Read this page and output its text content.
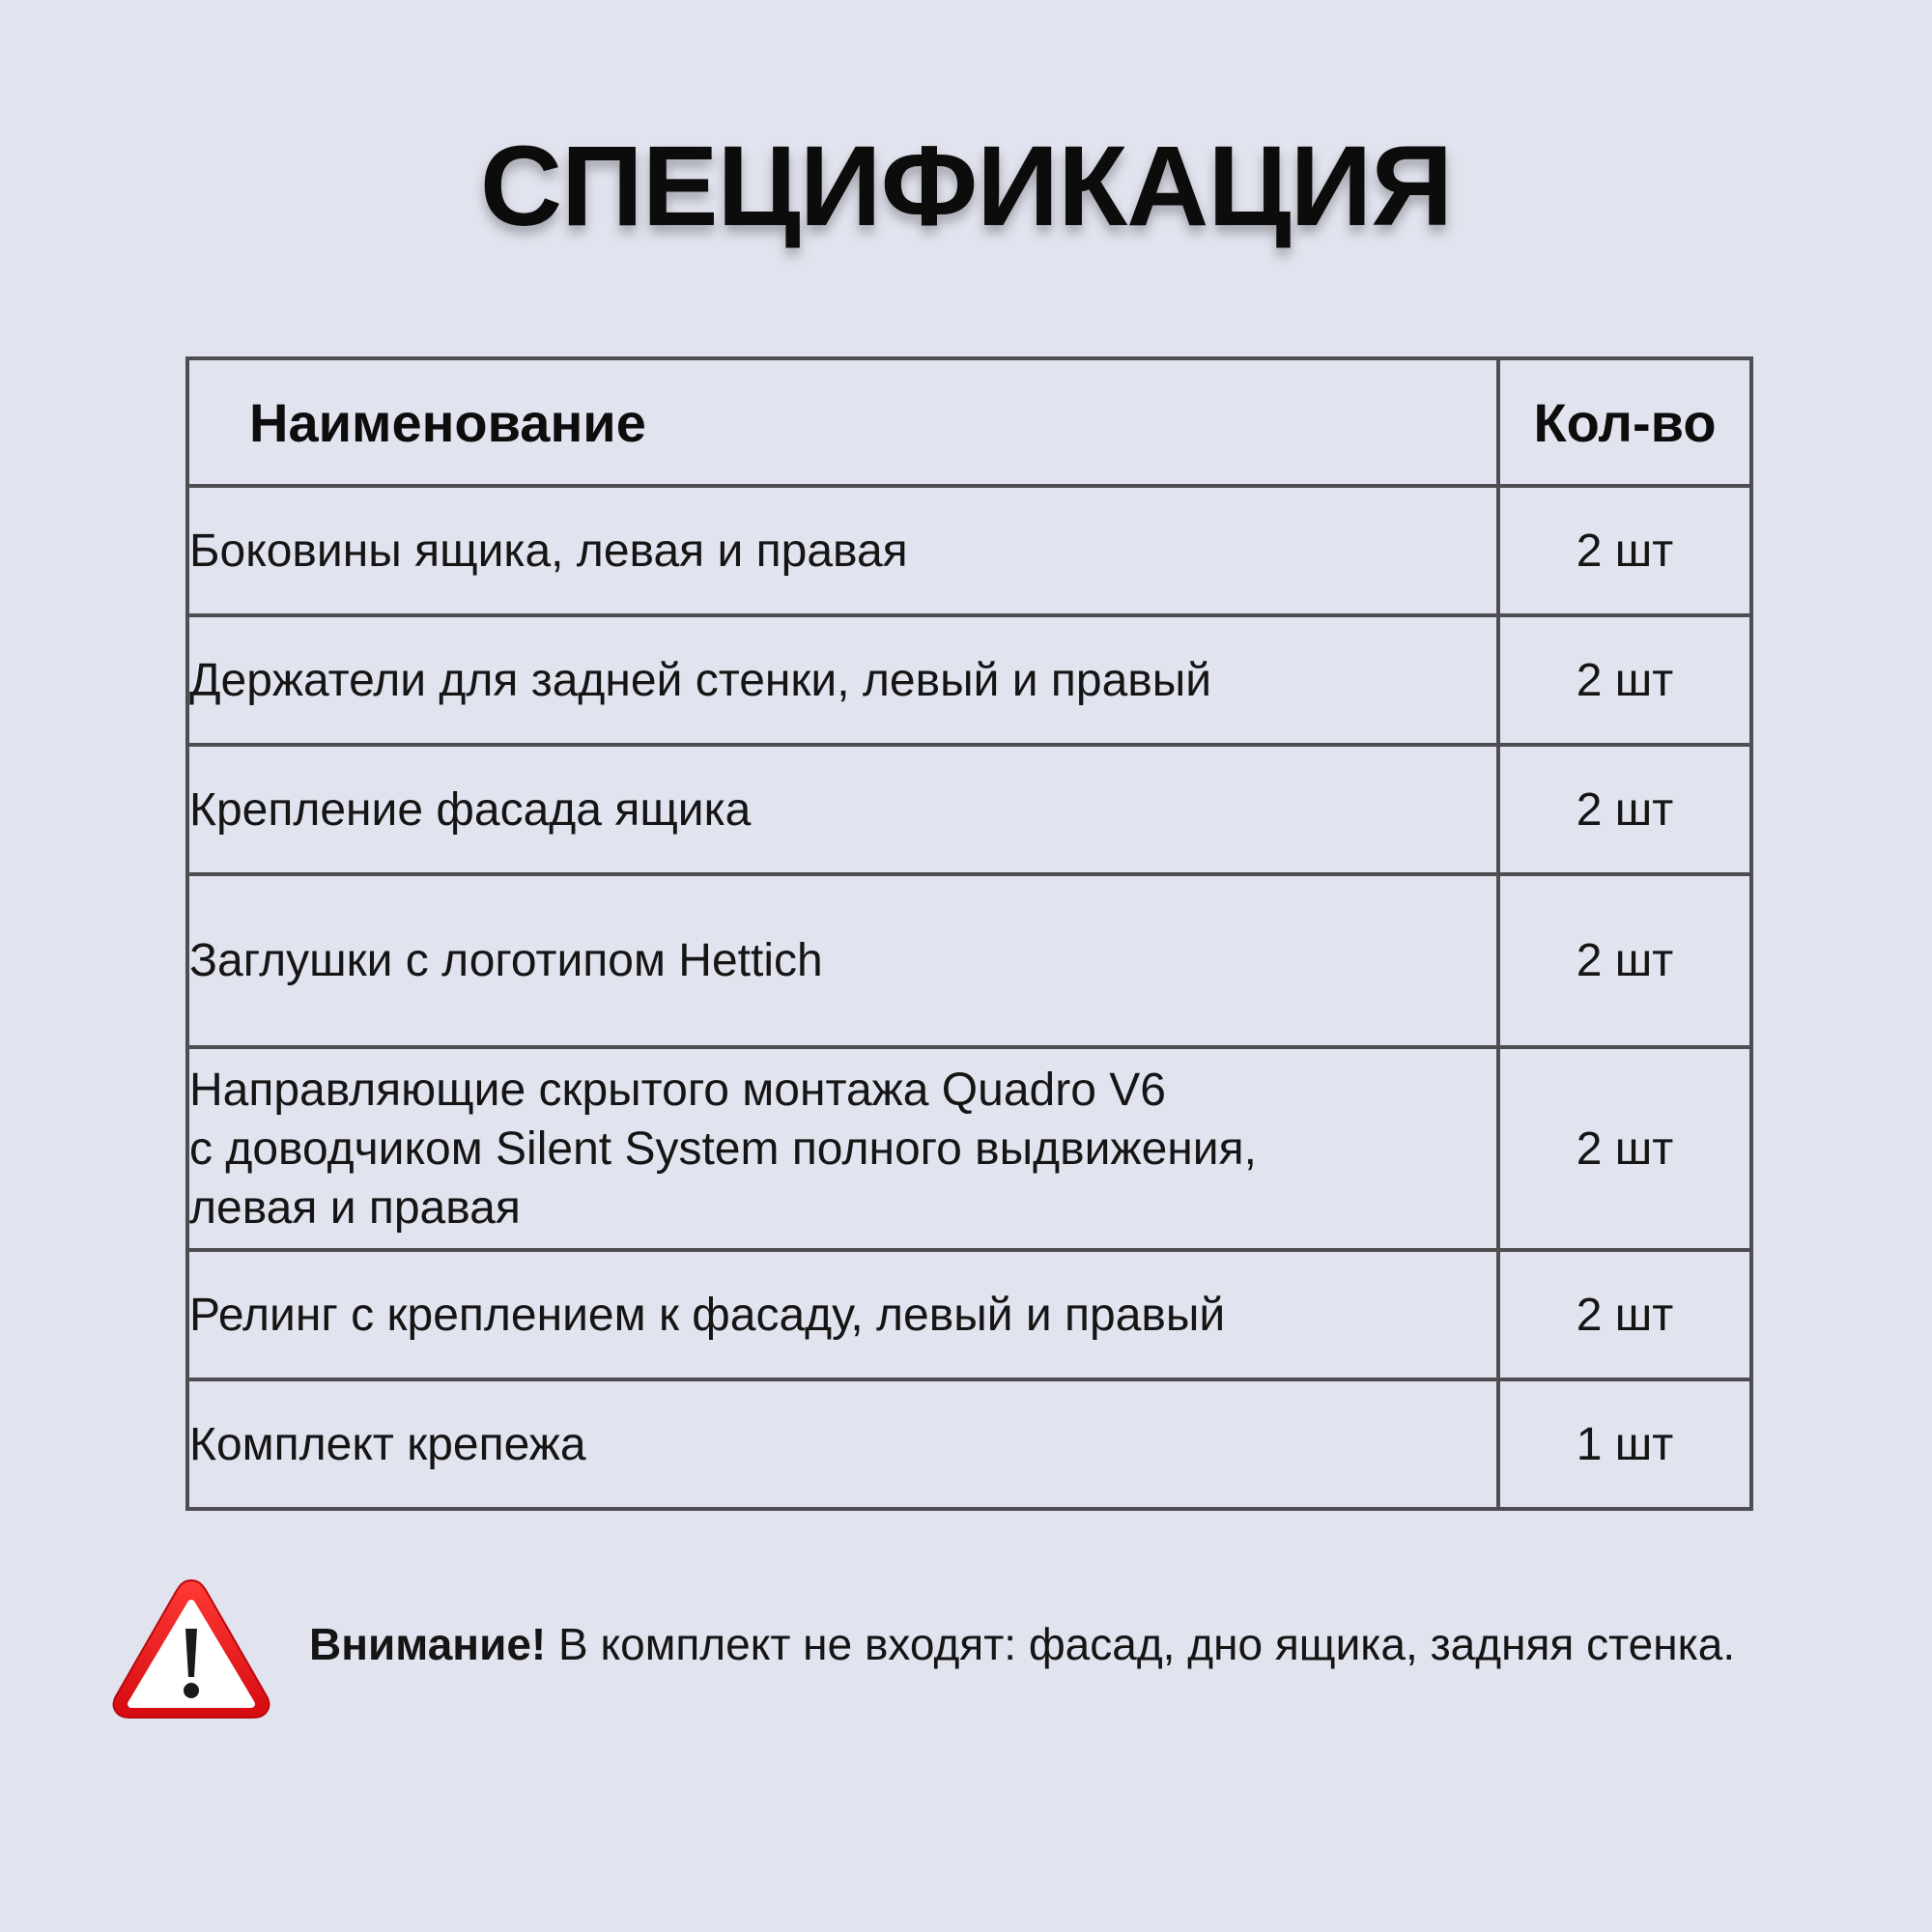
СПЕЦИФИКАЦИЯ
Наименование	Кол-во
Боковины ящика, левая и правая	2 шт
Держатели для задней стенки, левый и правый	2 шт
Крепление фасада ящика	2 шт
Заглушки с логотипом Hettich	2 шт

Направляющие скрытого монтажа Quadro V6
с доводчиком Silent System полного выдвижения,
левая и правая	2 шт
Релинг с креплением к фасаду, левый и правый	2 шт
Комплект крепежа	1 шт
Внимание! В комплект не входят: фасад, дно ящика, задняя стенка.
